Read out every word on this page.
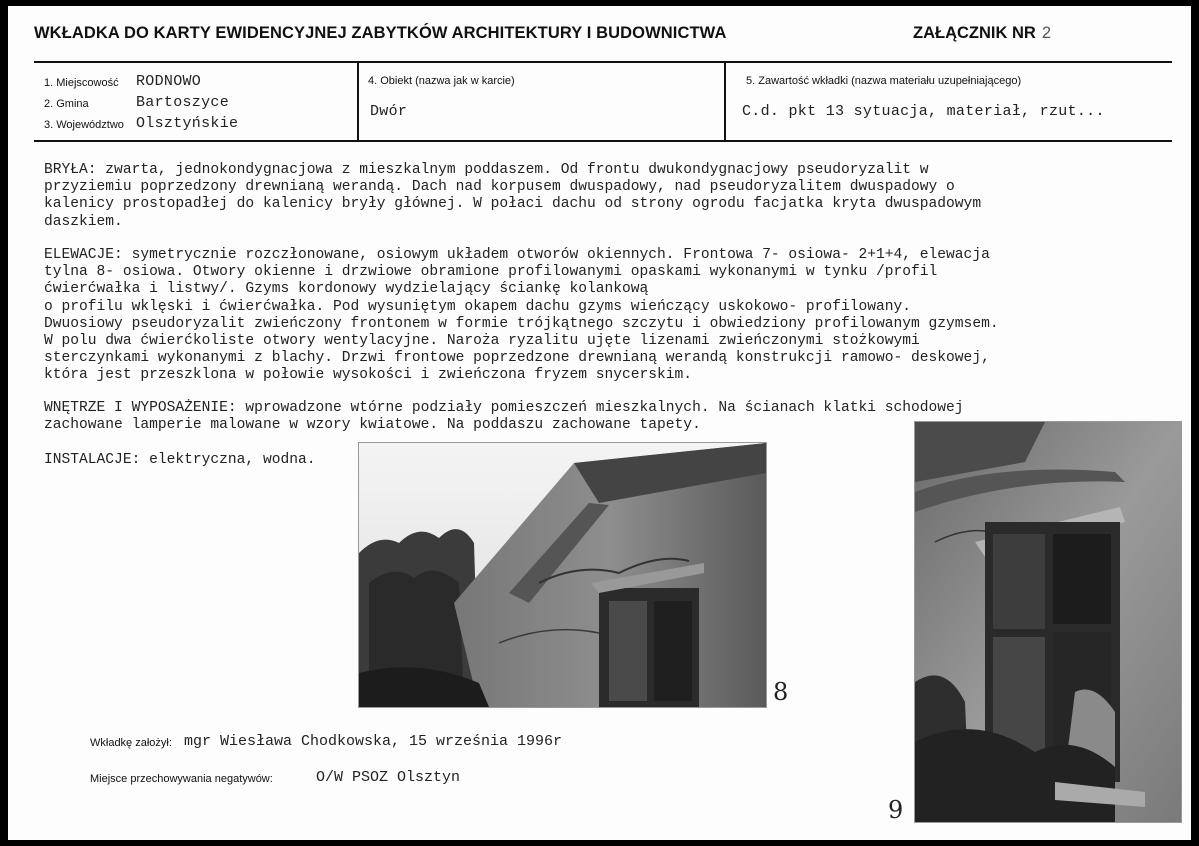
WKŁADKA DO KARTY EWIDENCYJNEJ ZABYTKÓW ARCHITEKTURY I BUDOWNICTWA	ZAŁĄCZNIK NR 2
1. Miejscowość RODNOWO
2. Gmina	Bartoszyce
3. Województwo Olsztyńskie
4. Obiekt (nazwa jak w karcie)
Dwór
5. Zawartość wkładki (nazwa materiału uzupełniającego)
C.d. pkt 13 sytuacja, materiał, rzut...

BRYŁA: zwarta, jednokondygnacjowa z mieszkalnym poddaszem. Od frontu dwukondygnacjowy pseudoryzalit w
przyziemiu poprzedzony drewnianą werandą. Dach nad korpusem dwuspadowy, nad pseudoryzalitem dwuspadowy o
kalenicy prostopadłej do kalenicy bryły głównej. W połaci dachu od strony ogrodu facjatka kryta dwuspadowym
daszkiem.

ELEWACJE: symetrycznie rozczłonowane, osiowym układem otworów okiennych. Frontowa 7- osiowa- 2+1+4, elewacja
tylna 8- osiowa. Otwory okienne i drzwiowe obramione profilowanymi opaskami wykonanymi w tynku /profil
ćwierćwałka i listwy/. Gzyms kordonowy wydzielający ściankę kolankową
o profilu wklęski i ćwierćwałka. Pod wysuniętym okapem dachu gzyms wieńczący uskokowo- profilowany.
Dwuosiowy pseudoryzalit zwieńczony frontonem w formie trójkątnego szczytu i obwiedziony profilowanym gzymsem.
W polu dwa ćwierćkoliste otwory wentylacyjne. Naroża ryzalitu ujęte lizenami zwieńczonymi stożkowymi
sterczynkami wykonanymi z blachy. Drzwi frontowe poprzedzone drewnianą werandą konstrukcji ramowo- deskowej,
która jest przeszklona w połowie wysokości i zwieńczona fryzem snycerskim.

WNĘTRZE I WYPOSAŻENIE: wprowadzone wtórne podziały pomieszczeń mieszkalnych. Na ścianach klatki schodowej
zachowane lamperie malowane w wzory kwiatowe. Na poddaszu zachowane tapety.

INSTALACJE: elektryczna, wodna.

8
9
Wkładkę założył: mgr Wiesława Chodkowska, 15 września 1996r
Miejsce przechowywania negatywów:	O/W PSOZ Olsztyn
